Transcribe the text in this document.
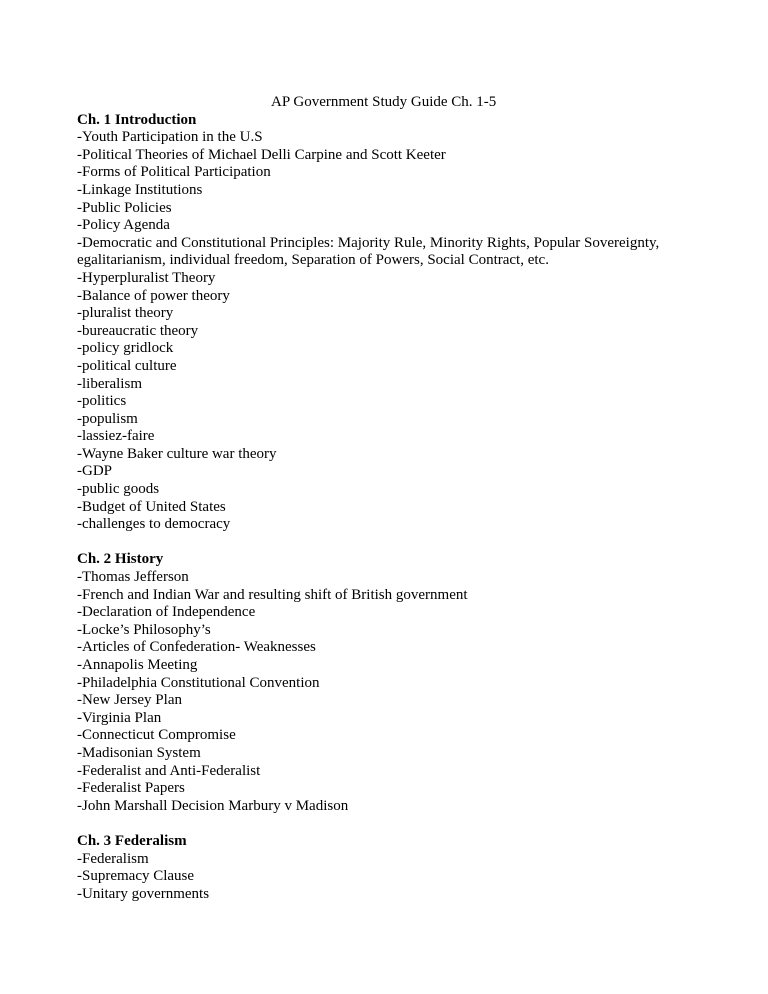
AP Government Study Guide Ch. 1-5
Ch. 1 Introduction
-Youth Participation in the U.S
-Political Theories of Michael Delli Carpine and Scott Keeter
-Forms of Political Participation
-Linkage Institutions
-Public Policies
-Policy Agenda
-Democratic and Constitutional Principles: Majority Rule, Minority Rights, Popular Sovereignty, egalitarianism, individual freedom, Separation of Powers, Social Contract, etc.
-Hyperpluralist Theory
-Balance of power theory
-pluralist theory
-bureaucratic theory
-policy gridlock
-political culture
-liberalism
-politics
-populism
-lassiez-faire
-Wayne Baker culture war theory
-GDP
-public goods
-Budget of United States
-challenges to democracy
Ch. 2 History
-Thomas Jefferson
-French and Indian War and resulting shift of British government
-Declaration of Independence
-Locke’s Philosophy’s
-Articles of Confederation- Weaknesses
-Annapolis Meeting
-Philadelphia Constitutional Convention
-New Jersey Plan
-Virginia Plan
-Connecticut Compromise
-Madisonian System
-Federalist and Anti-Federalist
-Federalist Papers
-John Marshall Decision Marbury v Madison
Ch. 3 Federalism
-Federalism
-Supremacy Clause
-Unitary governments
